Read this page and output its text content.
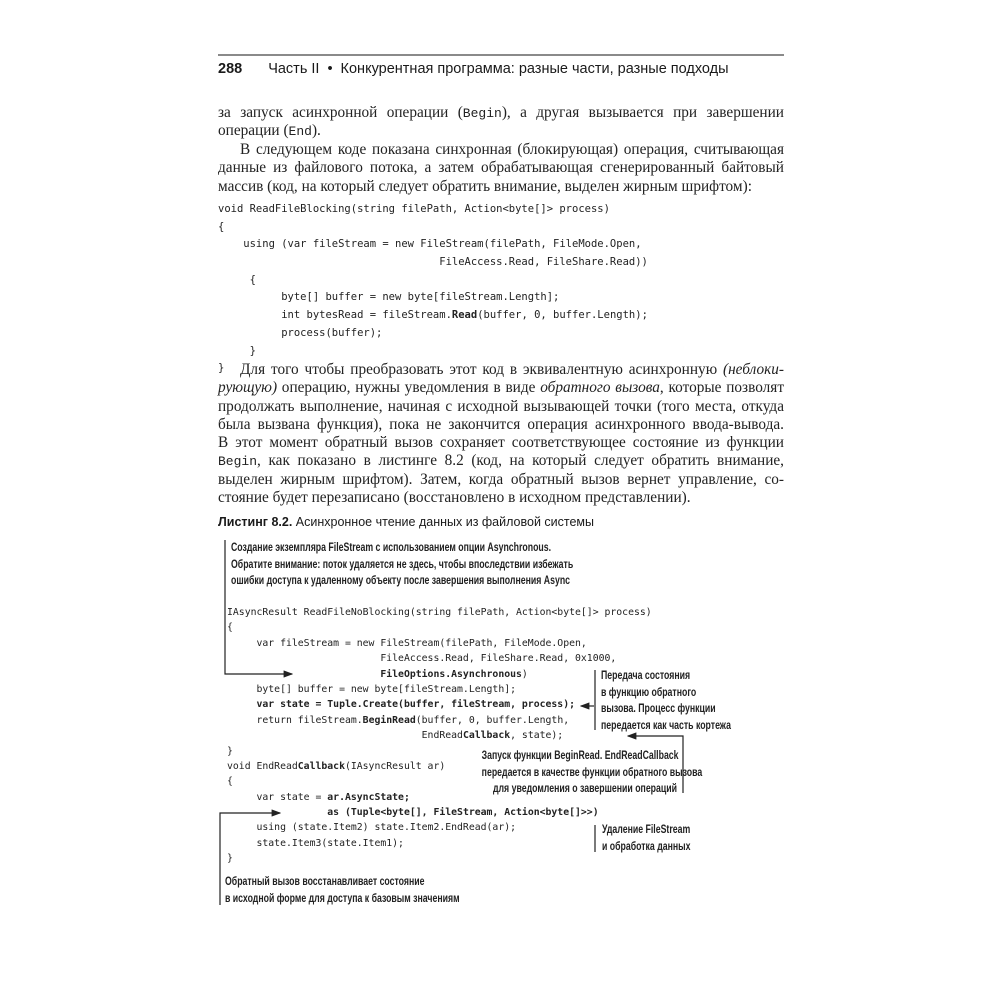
288 Часть II • Конкурентная программа: разные части, разные подходы
за запуск асинхронной операции (Begin), а другая вызывается при завершении
операции (End).
В следующем коде показана синхронная (блокирующая) операция, считывающая
данные из файлового потока, а затем обрабатывающая сгенерированный байтовый
массив (код, на который следует обратить внимание, выделен жирным шрифтом):
void ReadFileBlocking(string filePath, Action<byte[]> process)
{
using (var fileStream = new FileStream(filePath, FileMode.Open,
FileAccess.Read, FileShare.Read))
{
byte[] buffer = new byte[fileStream.Length];
int bytesRead = fileStream.Read(buffer, 0, buffer.Length);
process(buffer);
}
}	Для того чтобы преобразовать этот код в эквивалентную асинхронную (неблоки-
рующую) операцию, нужны уведомления в виде обратного вызова, которые позволят
продолжать выполнение, начиная с исходной вызывающей точки (того места, откуда
была вызвана функция), пока не закончится операция асинхронного ввода-вывода.
В этот момент обратный вызов сохраняет соответствующее состояние из функции
Begin, как показано в листинге 8.2 (код, на который следует обратить внимание,
выделен жирным шрифтом). Затем, когда обратный вызов вернет управление, со-
стояние будет перезаписано (восстановлено в исходном представлении).
Листинг 8.2. Асинхронное чтение данных из файловой системы
IAsyncResult ReadFileNoBlocking(string filePath, Action<byte[]> process)
{
var fileStream = new FileStream(filePath, FileMode.Open,
FileAccess.Read, FileShare.Read, 0x1000,
FileOptions.Asynchronous)
byte[] buffer = new byte[fileStream.Length];
var state = Tuple.Create(buffer, fileStream, process);
return fileStream.BeginRead(buffer, 0, buffer.Length,
EndReadCallback, state);
}
void EndReadCallback(IAsyncResult ar)
{
var state = ar.AsyncState;
as (Tuple<byte[], FileStream, Action<byte[]>>)
using (state.Item2) state.Item2.EndRead(ar);
state.Item3(state.Item1);
}
Создание экземпляра FileStream с использованием опции Asynchronous.
Обратите внимание: поток удаляется не здесь, чтобы впоследствии избежать
ошибки доступа к удаленному объекту после завершения выполнения Async
Передача состояния
в функцию обратного
вызова. Процесс функции
передается как часть кортежа
Запуск функции BeginRead. EndReadCallback
передается в качестве функции обратного вызова
для уведомления о завершении операций
Удаление FileStream
и обработка данных
Обратный вызов восстанавливает состояние
в исходной форме для доступа к базовым значениям
